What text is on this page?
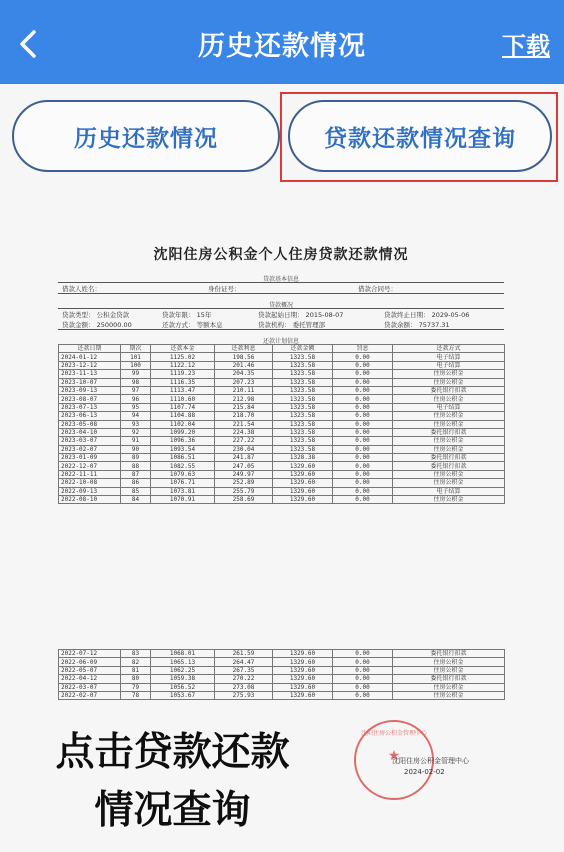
历史还款情况	下载
历史还款情况	贷款还款情况查询
沈阳住房公积金个人住房贷款还款情况
贷款基本信息
借款人姓名：	身份证号：	借款合同号：
贷款概况
贷款类型： 公积金贷款	贷款年限： 15年	贷款起始日期： 2015-08-07	贷款终止日期： 2029-05-06
贷款金额： 250000.00	还款方式： 等额本息	贷款机构： 委托管理部	贷款余额： 75737.31
还款计划信息
还款日期	期次	还款本金	还款利息	还款金额	罚息	还款方式
2024-01-12	101	1125.02	198.56	1323.58	0.00	电子结算
2023-12-12	100	1122.12	201.46	1323.58	0.00	电子结算
2023-11-13	99	1119.23	204.35	1323.58	0.00	住房公积金
2023-10-07	98	1116.35	207.23	1323.58	0.00	住房公积金
2023-09-13	97	1113.47	210.11	1323.58	0.00	委托银行扣款
2023-08-07	96	1110.60	212.98	1323.58	0.00	住房公积金
2023-07-13	95	1107.74	215.84	1323.58	0.00	电子结算
2023-06-13	94	1104.88	218.70	1323.58	0.00	住房公积金
2023-05-08	93	1102.04	221.54	1323.58	0.00	住房公积金
2023-04-10	92	1099.20	224.38	1323.58	0.00	委托银行扣款
2023-03-07	91	1096.36	227.22	1323.58	0.00	住房公积金
2023-02-07	90	1093.54	230.04	1323.58	0.00	住房公积金
2023-01-09	89	1086.51	241.87	1328.38	0.00	委托银行扣款
2022-12-07	88	1082.55	247.05	1329.60	0.00	委托银行扣款
2022-11-11	87	1079.63	249.97	1329.60	0.00	住房公积金
2022-10-08	86	1076.71	252.89	1329.60	0.00	住房公积金
2022-09-13	85	1073.81	255.79	1329.60	0.00	电子结算
2022-08-10	84	1070.91	258.69	1329.60	0.00	住房公积金
2022-07-12	83	1068.01	261.59	1329.60	0.00	委托银行扣款
2022-06-09	82	1065.13	264.47	1329.60	0.00	住房公积金
2022-05-07	81	1062.25	267.35	1329.60	0.00	住房公积金
2022-04-12	80	1059.38	270.22	1329.60	0.00	委托银行扣款
2022-03-07	79	1056.52	273.08	1329.60	0.00	住房公积金
2022-02-07	78	1053.67	275.93	1329.60	0.00	住房公积金
沈阳住房公积金管理中心
★
沈阳住房公积金管理中心
2024-02-02
点击贷款还款
情况查询
